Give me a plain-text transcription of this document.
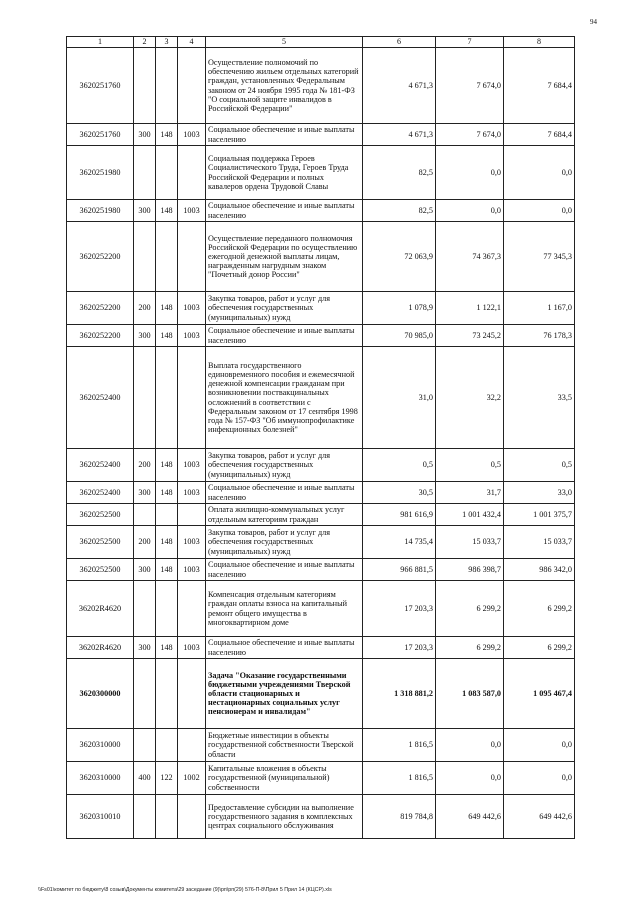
94
1	2	3	4	5	6	7	8
3620251760				Осуществление полномочий по обеспечению жильем отдельных категорий граждан, установленных Федеральным законом от 24 ноября 1995 года № 181-ФЗ "О социальной защите инвалидов в Российской Федерации"	4 671,3	7 674,0	7 684,4
3620251760	300	148	1003	Социальное обеспечение и иные выплаты населению	4 671,3	7 674,0	7 684,4
3620251980				Социальная поддержка Героев Социалистического Труда, Героев Труда Российской Федерации и полных кавалеров ордена Трудовой Славы	82,5	0,0	0,0
3620251980	300	148	1003	Социальное обеспечение и иные выплаты населению	82,5	0,0	0,0
3620252200				Осуществление переданного полномочия Российской Федерации по осуществлению ежегодной денежной выплаты лицам, награжденным нагрудным знаком "Почетный донор России"	72 063,9	74 367,3	77 345,3
3620252200	200	148	1003	Закупка товаров, работ и услуг для обеспечения государственных (муниципальных) нужд	1 078,9	1 122,1	1 167,0
3620252200	300	148	1003	Социальное обеспечение и иные выплаты населению	70 985,0	73 245,2	76 178,3
3620252400				Выплата государственного единовременного пособия и ежемесячной денежной компенсации гражданам при возникновении поствакцинальных осложнений в соответствии с Федеральным законом от 17 сентября 1998 года № 157-ФЗ "Об иммунопрофилактике инфекционных болезней"	31,0	32,2	33,5
3620252400	200	148	1003	Закупка товаров, работ и услуг для обеспечения государственных (муниципальных) нужд	0,5	0,5	0,5
3620252400	300	148	1003	Социальное обеспечение и иные выплаты населению	30,5	31,7	33,0
3620252500				Оплата жилищно-коммунальных услуг отдельным категориям граждан	981 616,9	1 001 432,4	1 001 375,7
3620252500	200	148	1003	Закупка товаров, работ и услуг для обеспечения государственных (муниципальных) нужд	14 735,4	15 033,7	15 033,7
3620252500	300	148	1003	Социальное обеспечение и иные выплаты населению	966 881,5	986 398,7	986 342,0
36202R4620				Компенсация отдельным категориям граждан оплаты взноса на капитальный ремонт общего имущества в многоквартирном доме	17 203,3	6 299,2	6 299,2
36202R4620	300	148	1003	Социальное обеспечение и иные выплаты населению	17 203,3	6 299,2	6 299,2
3620300000				Задача "Оказание государственными бюджетными учреждениями Тверской области стационарных и нестационарных социальных услуг пенсионерам и инвалидам"	1 318 881,2	1 083 587,0	1 095 467,4
3620310000				Бюджетные инвестиции в объекты государственной собственности Тверской области	1 816,5	0,0	0,0
3620310000	400	122	1002	Капитальные вложения в объекты государственной (муниципальной) собственности	1 816,5	0,0	0,0
3620310010				Предоставление субсидии на выполнение государственного задания в комплексных центрах социального обслуживания	819 784,8	649 442,6	649 442,6
\\Fs01\комитет по бюджету\8 созыв\Документы комитета\29 заседание (9)\рп\рп(29) 576-П-8\Прил 5 Прил 14 (КЦСР).xls
